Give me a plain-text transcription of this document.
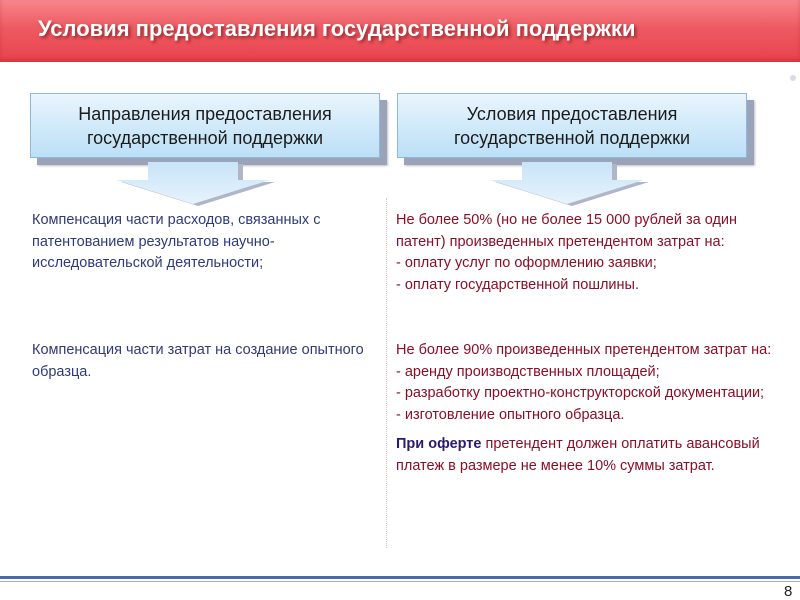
Условия предоставления государственной поддержки
Направления предоставления
государственной поддержки
Условия предоставления
государственной поддержки
Компенсация части расходов, связанных с патентованием результатов научно-исследовательской деятельности;
Не более 50% (но не более 15 000 рублей за один патент) произведенных претендентом затрат на:
- оплату услуг по оформлению заявки;
- оплату государственной пошлины.
Компенсация части затрат на создание опытного образца.
Не более 90% произведенных претендентом затрат на:
- аренду производственных площадей;
- разработку проектно-конструкторской документации;
- изготовление опытного образца.
При оферте претендент должен оплатить авансовый платеж в размере не менее 10% суммы затрат.
8
